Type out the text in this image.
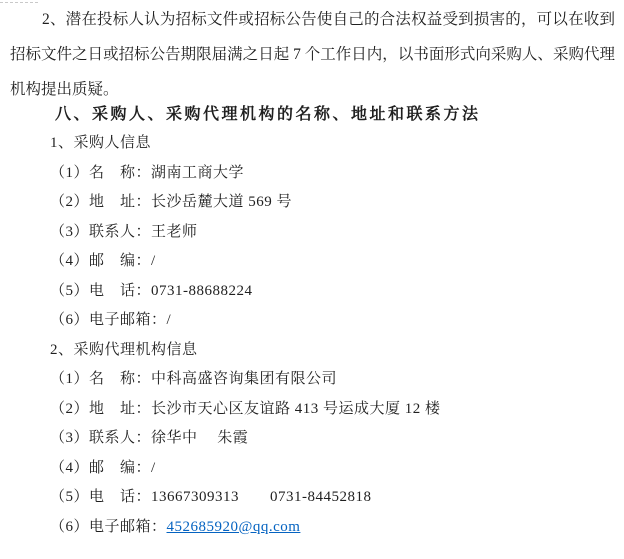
2、潜在投标人认为招标文件或招标公告使自己的合法权益受到损害的，可以在收到招标文件之日或招标公告期限届满之日起 7 个工作日内，以书面形式向采购人、采购代理机构提出质疑。

八、采购人、采购代理机构的名称、地址和联系方法
1、采购人信息
（1）名　称：湖南工商大学
（2）地　址：长沙岳麓大道 569 号
（3）联系人：王老师
（4）邮　编：/
（5）电　话：0731-88688224
（6）电子邮箱：/
2、采购代理机构信息
（1）名　称：中科高盛咨询集团有限公司
（2）地　址：长沙市天心区友谊路 413 号运成大厦 12 楼
（3）联系人：徐华中　 朱霞
（4）邮　编：/
（5）电　话：13667309313　　0731-84452818
（6）电子邮箱：452685920@qq.com
